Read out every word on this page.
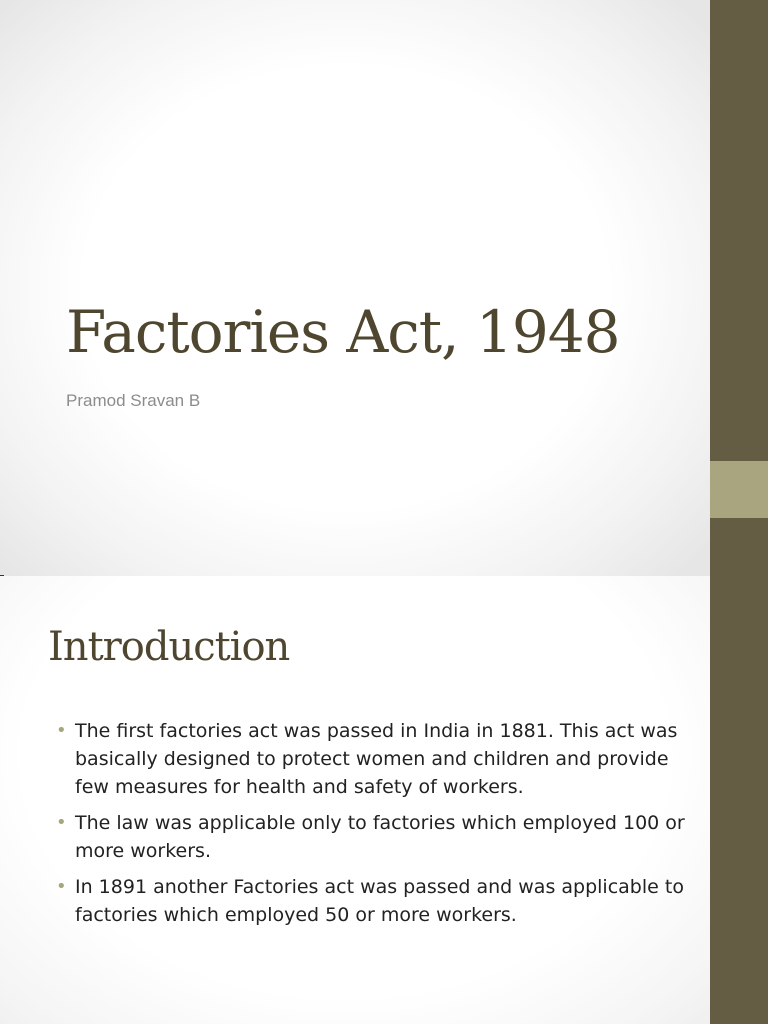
Factories Act, 1948

Pramod Sravan B

Introduction
• The first factories act was passed in India in 1881. This act was basically designed to protect women and children and provide few measures for health and safety of workers.
• The law was applicable only to factories which employed 100 or more workers.
• In 1891 another Factories act was passed and was applicable to factories which employed 50 or more workers.
